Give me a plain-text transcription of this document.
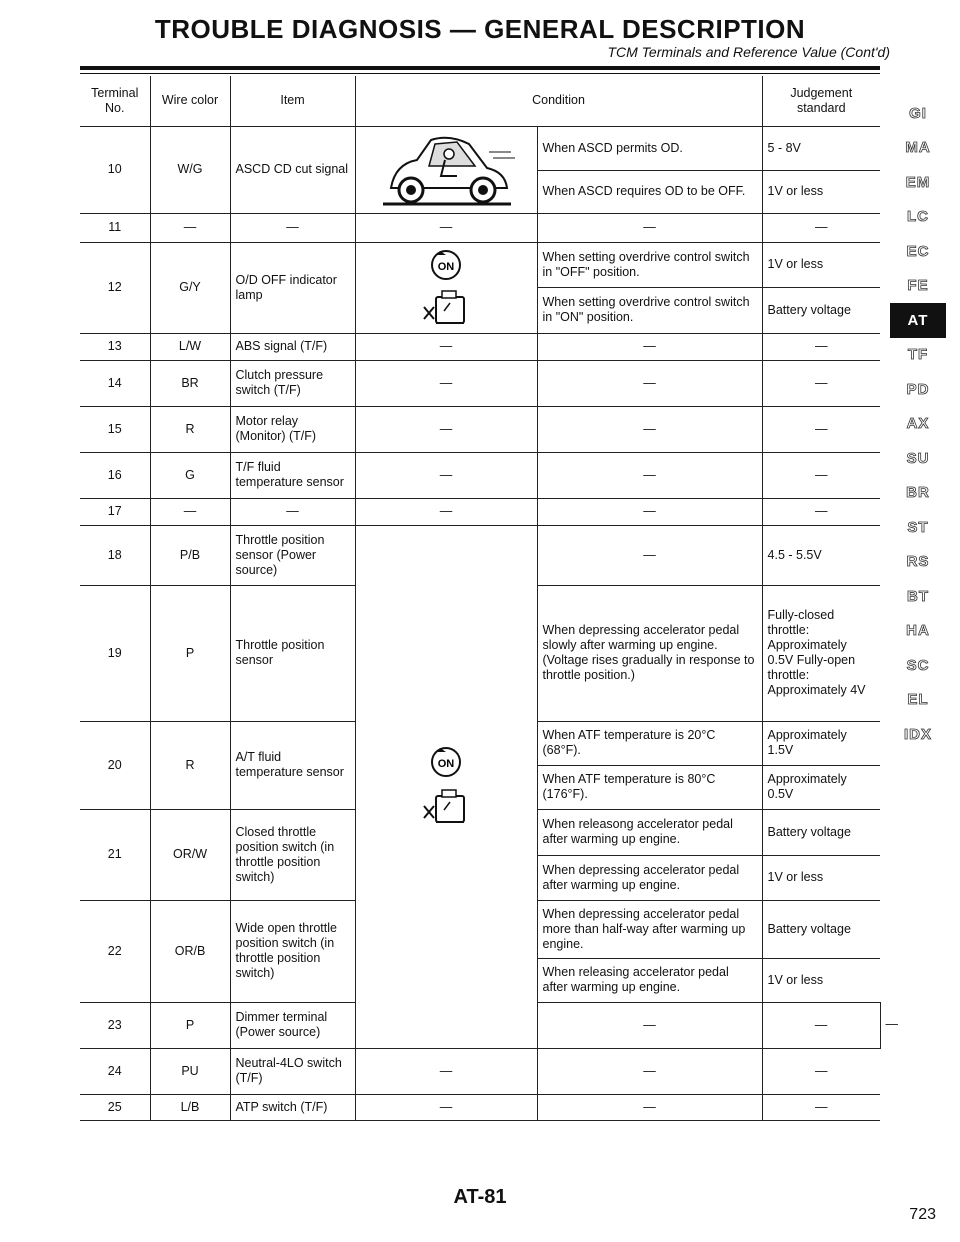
TROUBLE DIAGNOSIS — GENERAL DESCRIPTION
TCM Terminals and Reference Value (Cont'd)
Terminal No.	Wire color	Item	Condition		Judgement standard	
10	W/G	ASCD CD cut signal		When ASCD permits OD.	5 - 8V	
				When ASCD requires OD to be OFF.	1V or less	
11	—	—	—	—	—	
12	G/Y	O/D OFF indicator lamp	ON	When setting overdrive control switch in "OFF" position.	1V or less	
				When setting overdrive control switch in "ON" position.	Battery voltage	
13	L/W	ABS signal (T/F)	—	—	—	
14	BR	Clutch pressure switch (T/F)	—	—	—	
15	R	Motor relay (Monitor) (T/F)	—	—	—	
16	G	T/F fluid temperature sensor	—	—	—	
17	—	—	—	—	—	
18	P/B	Throttle position sensor (Power source)	ON	—	4.5 - 5.5V	
19	P	Throttle position sensor		When depressing accelerator pedal slowly after warming up engine. (Voltage rises gradually in response to throttle position.)	Fully-closed throttle: Approximately 0.5V Fully-open throttle: Approximately 4V	
20	R	A/T fluid temperature sensor		When ATF temperature is 20°C (68°F).	Approximately 1.5V	
				When ATF temperature is 80°C (176°F).	Approximately 0.5V	
21	OR/W	Closed throttle position switch (in throttle position switch)		When releasong accelerator pedal after warming up engine.	Battery voltage	
				When depressing accelerator pedal after warming up engine.	1V or less	
22	OR/B	Wide open throttle position switch (in throttle position switch)		When depressing accelerator pedal more than half-way after warming up engine.	Battery voltage	
				When releasing accelerator pedal after warming up engine.	1V or less	
23	P	Dimmer terminal (Power source)		—	—	—
24	PU	Neutral-4LO switch (T/F)	—	—	—	
25	L/B	ATP switch (T/F)	—	—	—	
GI
MA
EM
LC
EC
FE
AT
TF
PD
AX
SU
BR
ST
RS
BT
HA
SC
EL
IDX
AT-81
723
